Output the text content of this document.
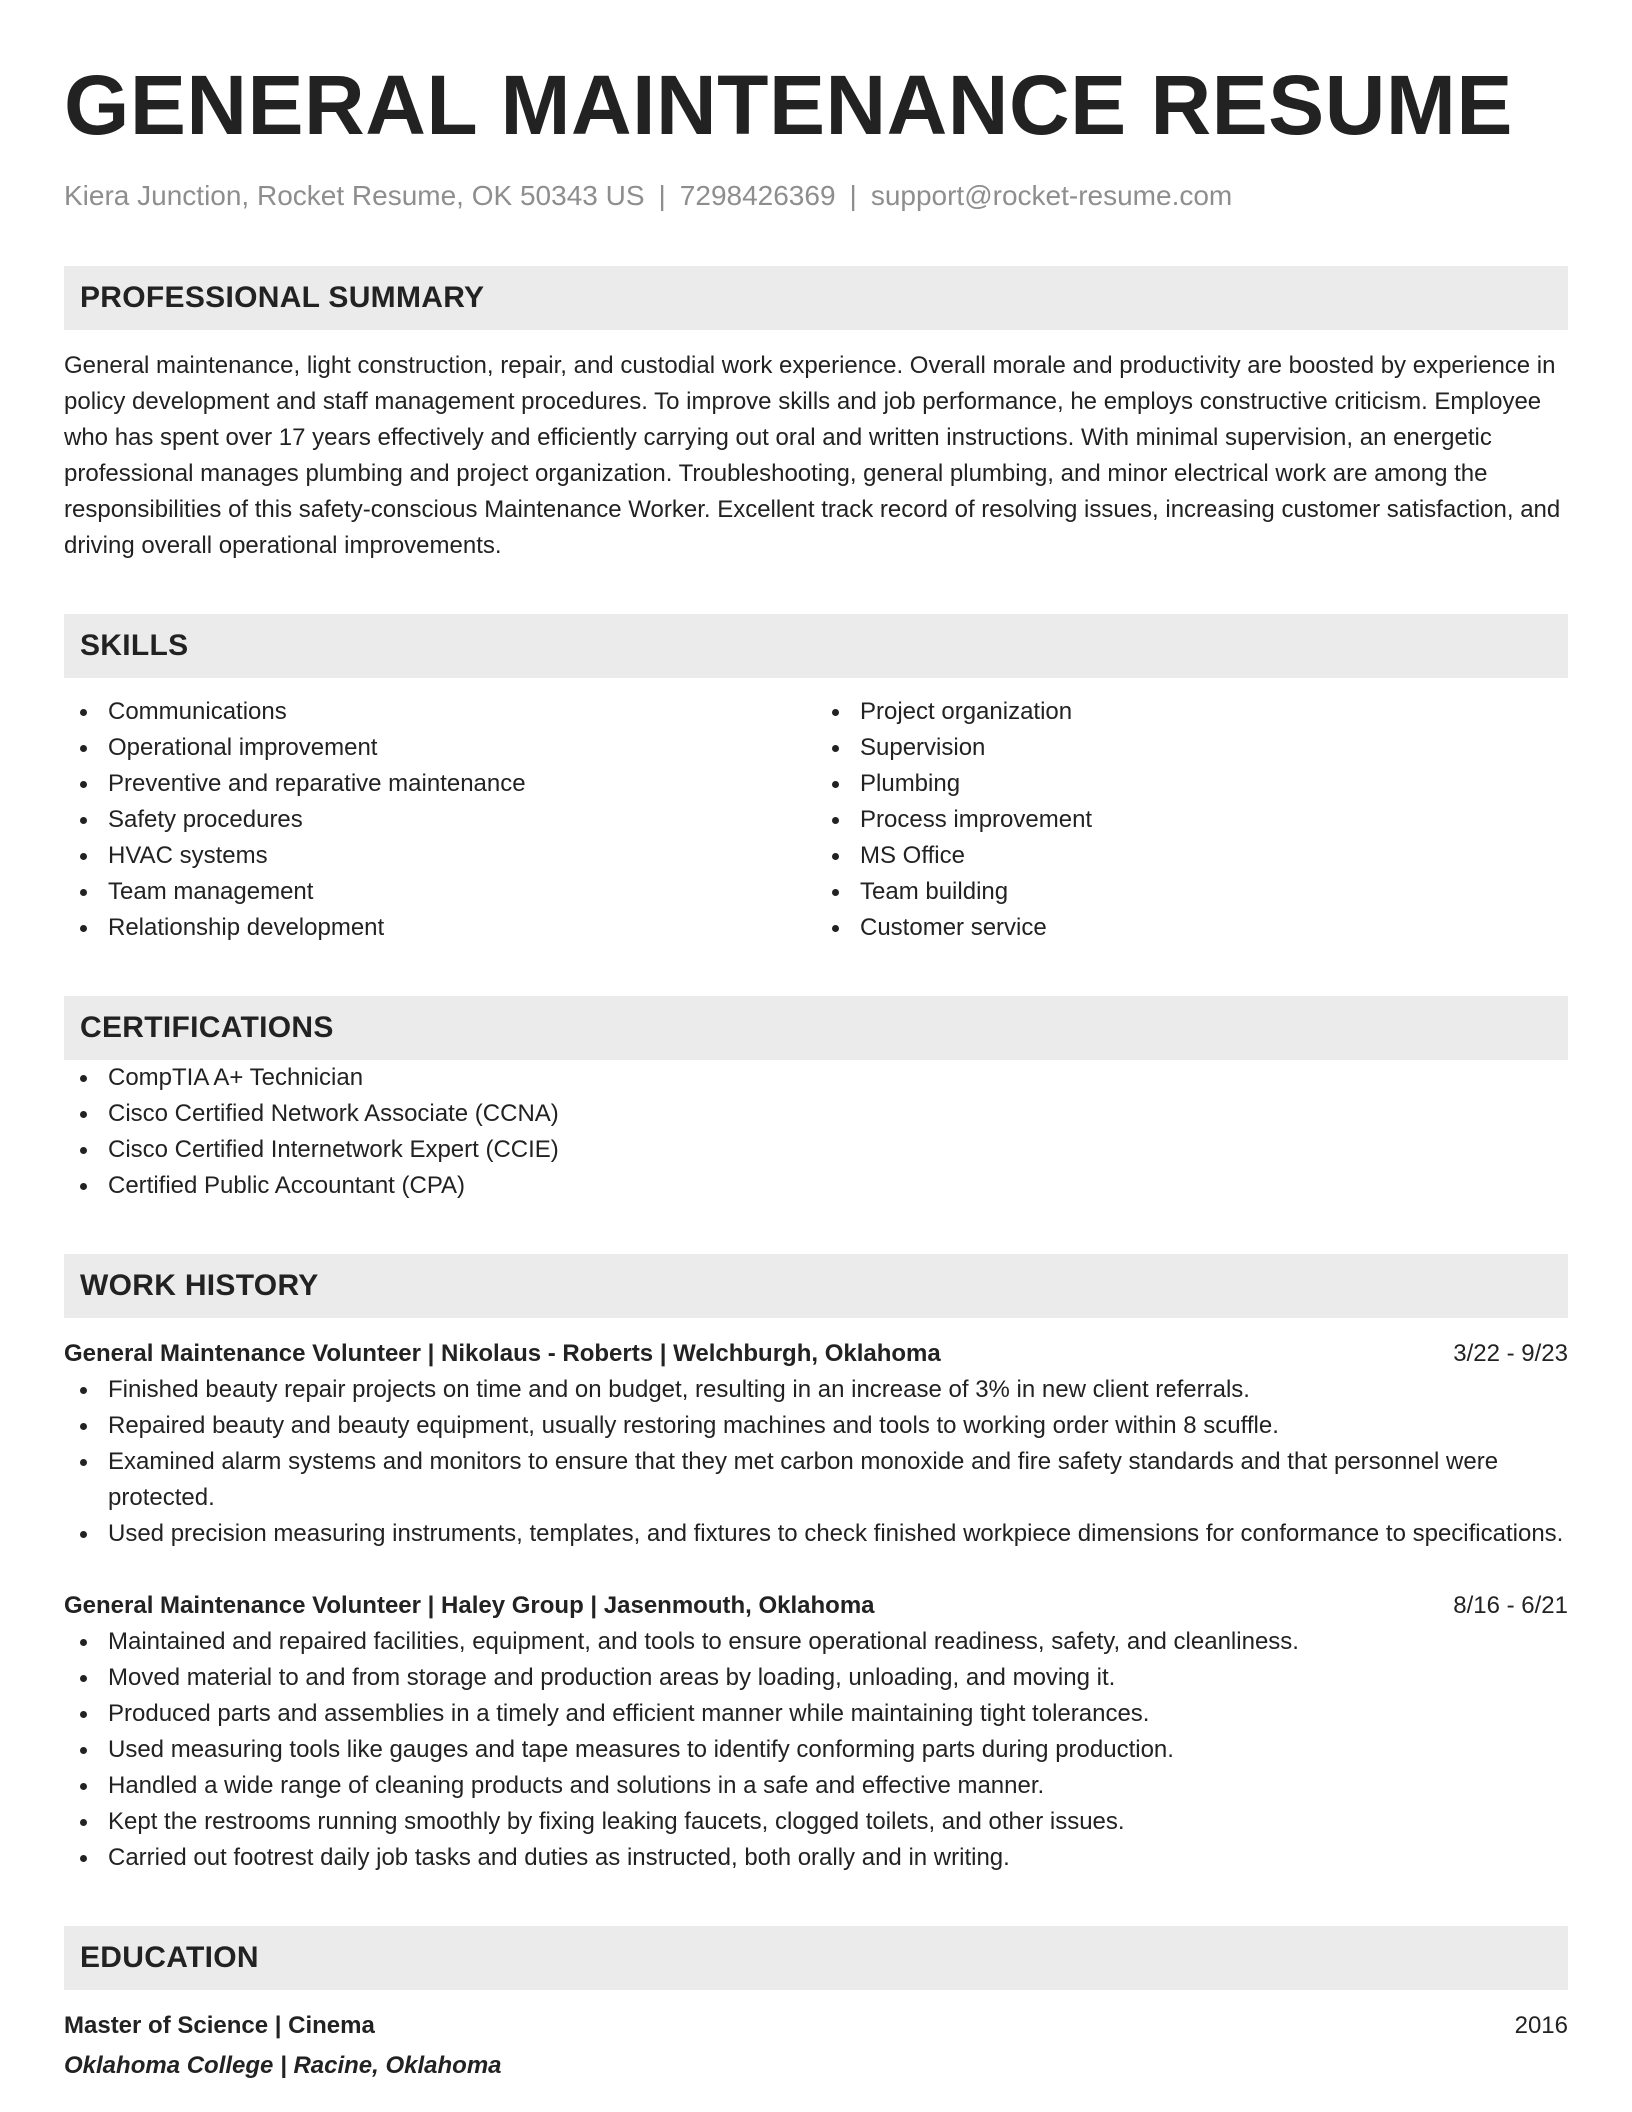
GENERAL MAINTENANCE RESUME
Kiera Junction, Rocket Resume, OK 50343 US | 7298426369 | support@rocket-resume.com
PROFESSIONAL SUMMARY

General maintenance, light construction, repair, and custodial work experience. Overall morale and productivity are boosted by experience in policy development and staff management procedures. To improve skills and job performance, he employs constructive criticism. Employee who has spent over 17 years effectively and efficiently carrying out oral and written instructions. With minimal supervision, an energetic professional manages plumbing and project organization. Troubleshooting, general plumbing, and minor electrical work are among the responsibilities of this safety-conscious Maintenance Worker. Excellent track record of resolving issues, increasing customer satisfaction, and driving overall operational improvements.

SKILLS
Communications
Operational improvement
Preventive and reparative maintenance
Safety procedures
HVAC systems
Team management
Relationship development
Project organization
Supervision
Plumbing
Process improvement
MS Office
Team building
Customer service
CERTIFICATIONS
CompTIA A+ Technician
Cisco Certified Network Associate (CCNA)
Cisco Certified Internetwork Expert (CCIE)
Certified Public Accountant (CPA)
WORK HISTORY
General Maintenance Volunteer | Nikolaus - Roberts | Welchburgh, Oklahoma	3/22 - 9/23
Finished beauty repair projects on time and on budget, resulting in an increase of 3% in new client referrals.
Repaired beauty and beauty equipment, usually restoring machines and tools to working order within 8 scuffle.
Examined alarm systems and monitors to ensure that they met carbon monoxide and fire safety standards and that personnel were protected.
Used precision measuring instruments, templates, and fixtures to check finished workpiece dimensions for conformance to specifications.
General Maintenance Volunteer | Haley Group | Jasenmouth, Oklahoma	8/16 - 6/21
Maintained and repaired facilities, equipment, and tools to ensure operational readiness, safety, and cleanliness.
Moved material to and from storage and production areas by loading, unloading, and moving it.
Produced parts and assemblies in a timely and efficient manner while maintaining tight tolerances.
Used measuring tools like gauges and tape measures to identify conforming parts during production.
Handled a wide range of cleaning products and solutions in a safe and effective manner.
Kept the restrooms running smoothly by fixing leaking faucets, clogged toilets, and other issues.
Carried out footrest daily job tasks and duties as instructed, both orally and in writing.
EDUCATION
Master of Science | Cinema	2016
Oklahoma College | Racine, Oklahoma
